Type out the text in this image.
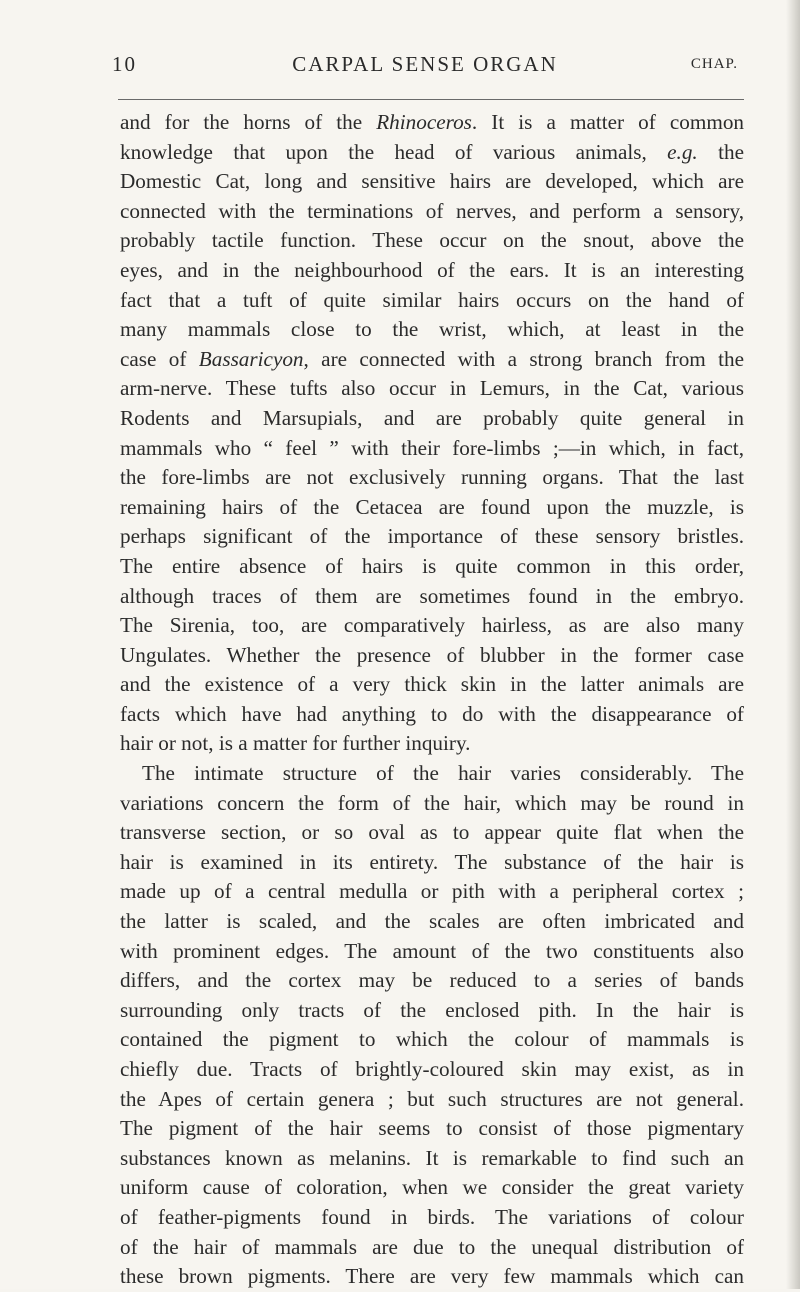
10	CARPAL SENSE ORGAN	CHAP.
and for the horns of the Rhinoceros. It is a matter of common
knowledge that upon the head of various animals, e.g. the
Domestic Cat, long and sensitive hairs are developed, which are
connected with the terminations of nerves, and perform a sensory,
probably tactile function. These occur on the snout, above the
eyes, and in the neighbourhood of the ears. It is an interesting
fact that a tuft of quite similar hairs occurs on the hand of
many mammals close to the wrist, which, at least in the
case of Bassaricyon, are connected with a strong branch from the
arm-nerve. These tufts also occur in Lemurs, in the Cat, various
Rodents and Marsupials, and are probably quite general in
mammals who “ feel ” with their fore-limbs ;—in which, in fact,
the fore-limbs are not exclusively running organs. That the last
remaining hairs of the Cetacea are found upon the muzzle, is
perhaps significant of the importance of these sensory bristles.
The entire absence of hairs is quite common in this order,
although traces of them are sometimes found in the embryo.
The Sirenia, too, are comparatively hairless, as are also many
Ungulates. Whether the presence of blubber in the former case
and the existence of a very thick skin in the latter animals are
facts which have had anything to do with the disappearance of
hair or not, is a matter for further inquiry.
The intimate structure of the hair varies considerably. The
variations concern the form of the hair, which may be round in
transverse section, or so oval as to appear quite flat when the
hair is examined in its entirety. The substance of the hair is
made up of a central medulla or pith with a peripheral cortex ;
the latter is scaled, and the scales are often imbricated and
with prominent edges. The amount of the two constituents also
differs, and the cortex may be reduced to a series of bands
surrounding only tracts of the enclosed pith. In the hair is
contained the pigment to which the colour of mammals is
chiefly due. Tracts of brightly-coloured skin may exist, as in
the Apes of certain genera ; but such structures are not general.
The pigment of the hair seems to consist of those pigmentary
substances known as melanins. It is remarkable to find such an
uniform cause of coloration, when we consider the great variety
of feather-pigments found in birds. The variations of colour
of the hair of mammals are due to the unequal distribution of
these brown pigments. There are very few mammals which can
